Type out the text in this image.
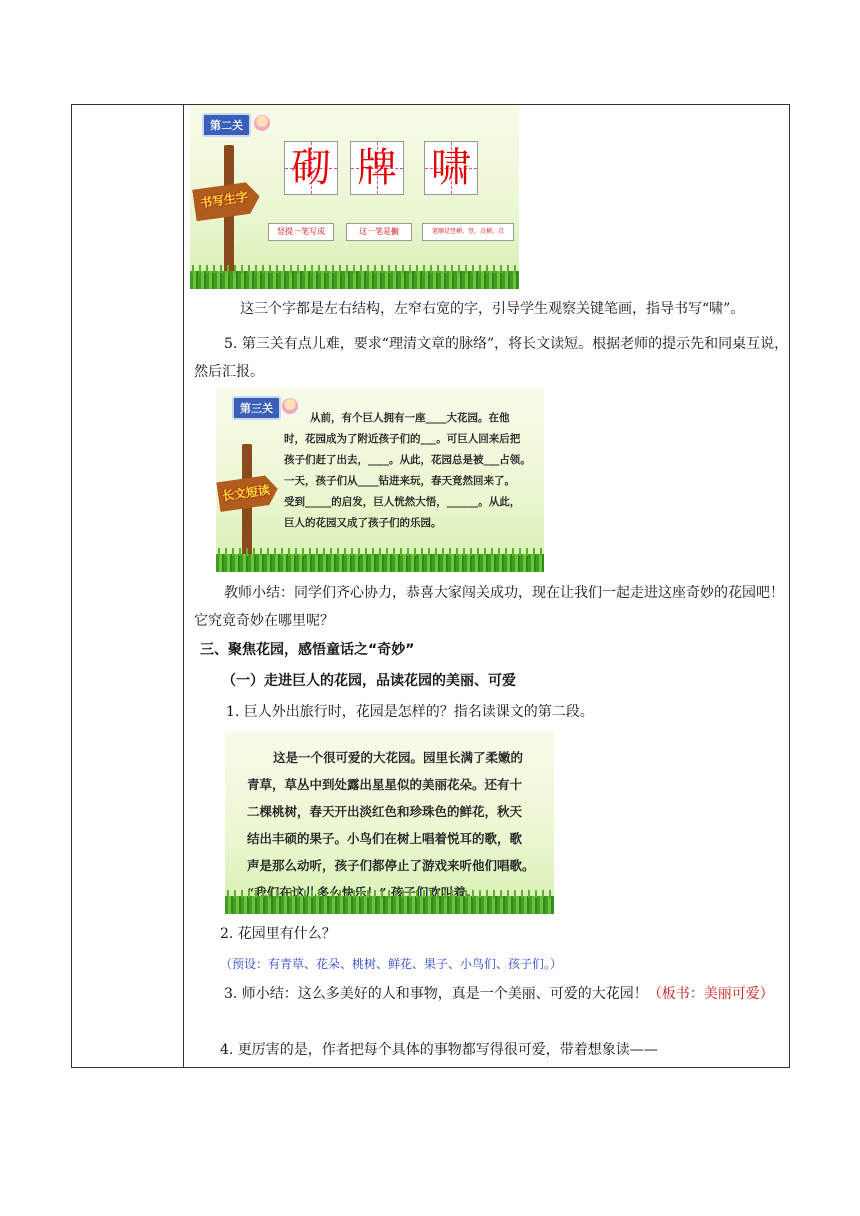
第二关
书写生字
砌 牌 啸
竖提一笔写成	这一笔是撇	笔顺是竖横、竖、点横、点
这三个字都是左右结构，左窄右宽的字，引导学生观察关键笔画，指导书写“啸”。
5. 第三关有点儿难，要求“理清文章的脉络”，将长文读短。根据老师的提示先和同桌互说，然后汇报。
第三关
长文短读
从前，有个巨人拥有一座____大花园。在他
时，花园成为了附近孩子们的___。可巨人回来后把
孩子们赶了出去，____。从此，花园总是被___占领。
一天，孩子们从____钻进来玩，春天竟然回来了。
受到_____的启发，巨人恍然大悟，______。从此，
巨人的花园又成了孩子们的乐园。
教师小结：同学们齐心协力，恭喜大家闯关成功，现在让我们一起走进这座奇妙的花园吧！它究竟奇妙在哪里呢？
三、聚焦花园，感悟童话之“奇妙”
（一）走进巨人的花园，品读花园的美丽、可爱
1. 巨人外出旅行时，花园是怎样的？指名读课文的第二段。
这是一个很可爱的大花园。园里长满了柔嫩的
青草，草丛中到处露出星星似的美丽花朵。还有十
二棵桃树，春天开出淡红色和珍珠色的鲜花，秋天
结出丰硕的果子。小鸟们在树上唱着悦耳的歌，歌
声是那么动听，孩子们都停止了游戏来听他们唱歌。
2. 花园里有什么？
（预设：有青草、花朵、桃树、鲜花、果子、小鸟们、孩子们。）
3. 师小结：这么多美好的人和事物，真是一个美丽、可爱的大花园！（板书：美丽可爱）
4. 更厉害的是，作者把每个具体的事物都写得很可爱，带着想象读——
